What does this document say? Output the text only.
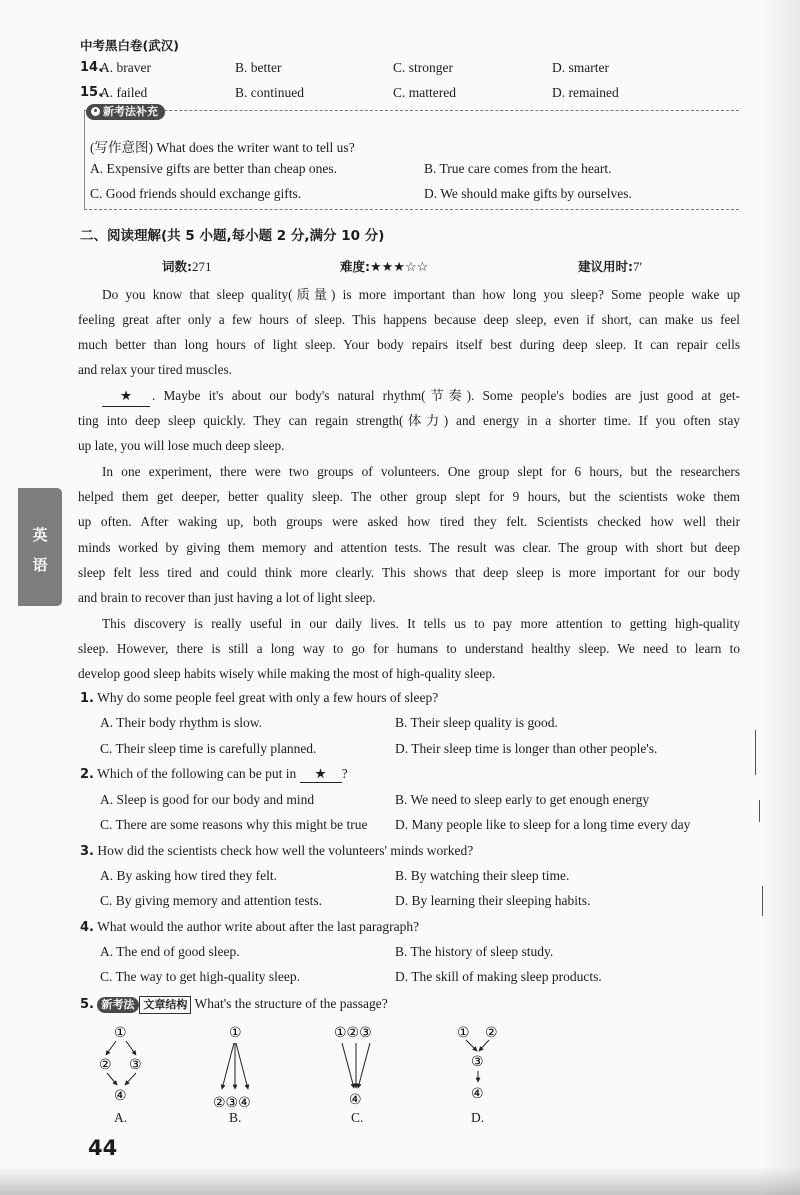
中考黑白卷(武汉)
14.
A. braver	B. better	C. stronger	D. smarter
15.
A. failed	B. continued	C. mattered	D. remained
新考法补充
(写作意图) What does the writer want to tell us?
A. Expensive gifts are better than cheap ones.	B. True care comes from the heart.
C. Good friends should exchange gifts.	D. We should make gifts by ourselves.
二、阅读理解(共 5 小题,每小题 2 分,满分 10 分)
词数:271	难度:★★★☆☆	建议用时:7′
Do you know that sleep quality(质量) is more important than how long you sleep? Some people wake up
feeling great after only a few hours of sleep. This happens because deep sleep, even if short, can make us feel
much better than long hours of light sleep. Your body repairs itself best during deep sleep. It can repair cells
and relax your tired muscles.
★	. Maybe it's about our body's natural rhythm(节奏). Some people's bodies are just good at get-
ting into deep sleep quickly. They can regain strength(体力) and energy in a shorter time. If you often stay
up late, you will lose much deep sleep.
In one experiment, there were two groups of volunteers. One group slept for 6 hours, but the researchers
helped them get deeper, better quality sleep. The other group slept for 9 hours, but the scientists woke them
up often. After waking up, both groups were asked how tired they felt. Scientists checked how well their
minds worked by giving them memory and attention tests. The result was clear. The group with short but deep
sleep felt less tired and could think more clearly. This shows that deep sleep is more important for our body
and brain to recover than just having a lot of light sleep.
This discovery is really useful in our daily lives. It tells us to pay more attention to getting high-quality
sleep. However, there is still a long way to go for humans to understand healthy sleep. We need to learn to
develop good sleep habits wisely while making the most of high-quality sleep.
英
语
1. Why do some people feel great with only a few hours of sleep?
A. Their body rhythm is slow.	B. Their sleep quality is good.
C. Their sleep time is carefully planned.	D. Their sleep time is longer than other people's.
2. Which of the following can be put in ★ ?
A. Sleep is good for our body and mind	B. We need to sleep early to get enough energy
C. There are some reasons why this might be true D. Many people like to sleep for a long time every day
3. How did the scientists check how well the volunteers' minds worked?
A. By asking how tired they felt.	B. By watching their sleep time.
C. By giving memory and attention tests.	D. By learning their sleeping habits.
4. What would the author write about after the last paragraph?
A. The end of good sleep.	B. The history of sleep study.
C. The way to get high-quality sleep.	D. The skill of making sleep products.
5. 新考法 文章结构 What's the structure of the passage?
①
② ③
④
①
②③④
①②③
④
① ②
③
④
A.	B.	C.	D.
44
